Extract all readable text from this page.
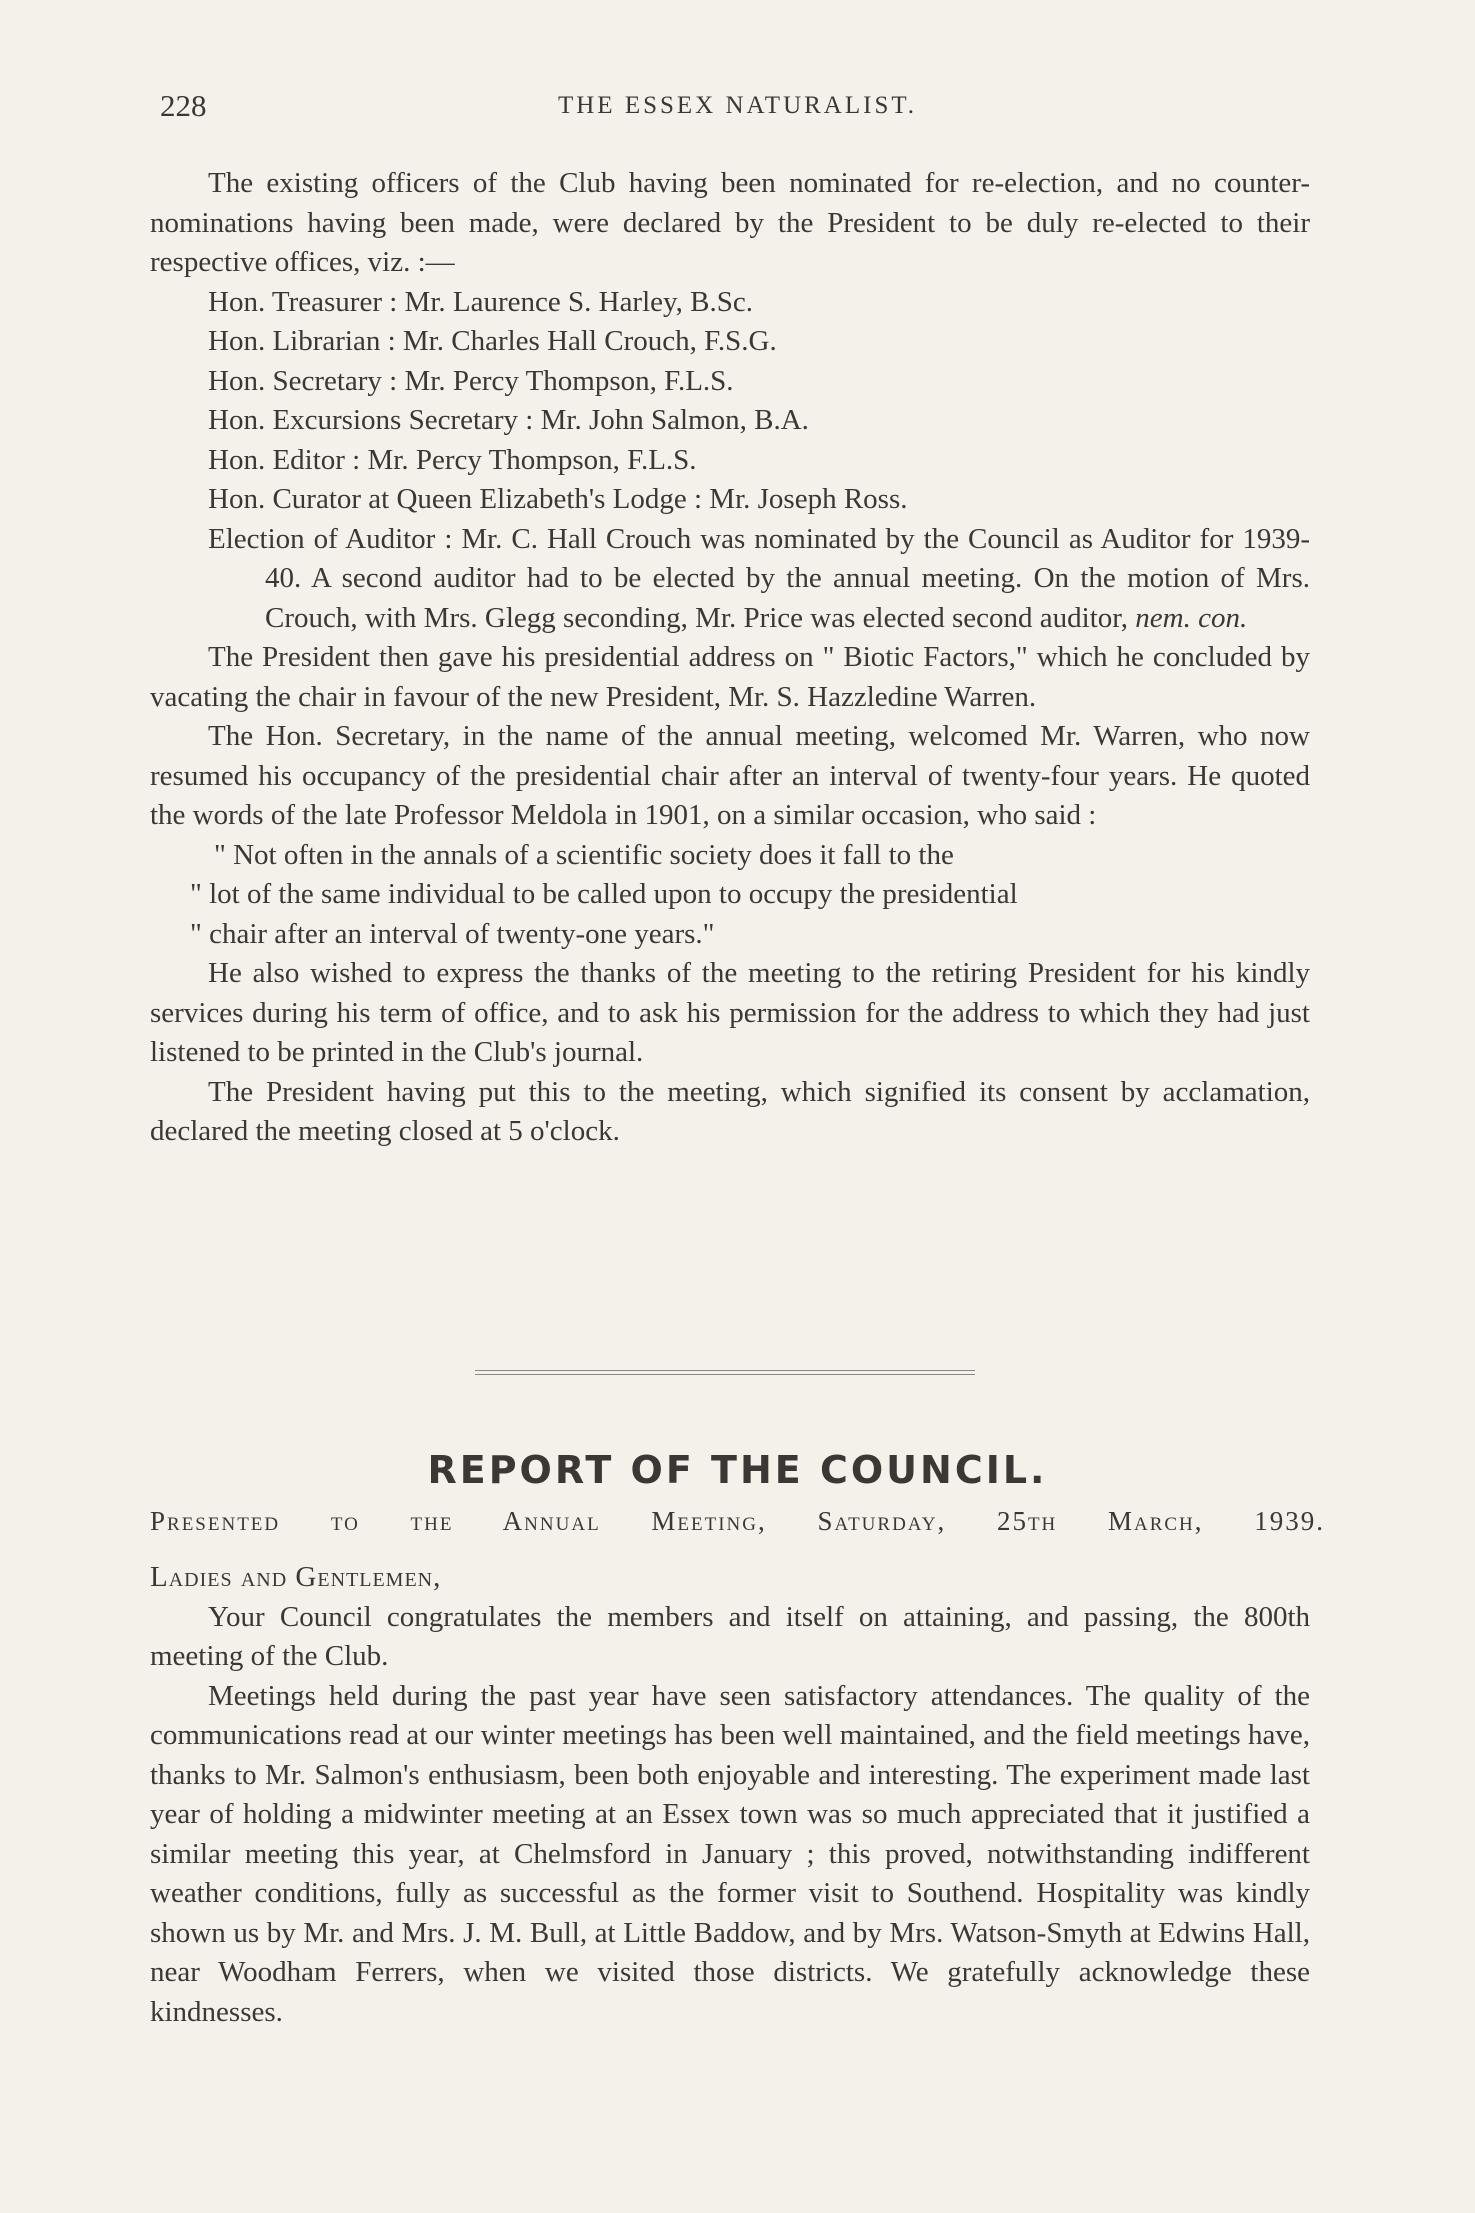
228	THE ESSEX NATURALIST.

The existing officers of the Club having been nominated for re-election, and no counter-nominations having been made, were declared by the President to be duly re-elected to their respective offices, viz. :—

Hon. Treasurer : Mr. Laurence S. Harley, B.Sc.

Hon. Librarian : Mr. Charles Hall Crouch, F.S.G.

Hon. Secretary : Mr. Percy Thompson, F.L.S.

Hon. Excursions Secretary : Mr. John Salmon, B.A.

Hon. Editor : Mr. Percy Thompson, F.L.S.

Hon. Curator at Queen Elizabeth's Lodge : Mr. Joseph Ross.

Election of Auditor : Mr. C. Hall Crouch was nominated by the Council as Auditor for 1939-40. A second auditor had to be elected by the annual meeting. On the motion of Mrs. Crouch, with Mrs. Glegg seconding, Mr. Price was elected second auditor, nem. con.

The President then gave his presidential address on " Biotic Factors," which he concluded by vacating the chair in favour of the new President, Mr. S. Hazzledine Warren.

The Hon. Secretary, in the name of the annual meeting, welcomed Mr. Warren, who now resumed his occupancy of the presidential chair after an interval of twenty-four years. He quoted the words of the late Professor Meldola in 1901, on a similar occasion, who said :

" Not often in the annals of a scientific society does it fall to the

" lot of the same individual to be called upon to occupy the presidential

" chair after an interval of twenty-one years."

He also wished to express the thanks of the meeting to the retiring President for his kindly services during his term of office, and to ask his permission for the address to which they had just listened to be printed in the Club's journal.

The President having put this to the meeting, which signified its consent by acclamation, declared the meeting closed at 5 o'clock.

REPORT OF THE COUNCIL.
Presented to the Annual Meeting, Saturday, 25th March, 1939.

Ladies and Gentlemen,

Your Council congratulates the members and itself on attaining, and passing, the 800th meeting of the Club.

Meetings held during the past year have seen satisfactory attendances. The quality of the communications read at our winter meetings has been well maintained, and the field meetings have, thanks to Mr. Salmon's enthusiasm, been both enjoyable and interesting. The experiment made last year of holding a midwinter meeting at an Essex town was so much appreciated that it justified a similar meeting this year, at Chelmsford in January ; this proved, notwithstanding indifferent weather conditions, fully as successful as the former visit to Southend. Hospitality was kindly shown us by Mr. and Mrs. J. M. Bull, at Little Baddow, and by Mrs. Watson-Smyth at Edwins Hall, near Woodham Ferrers, when we visited those districts. We gratefully acknowledge these kindnesses.
